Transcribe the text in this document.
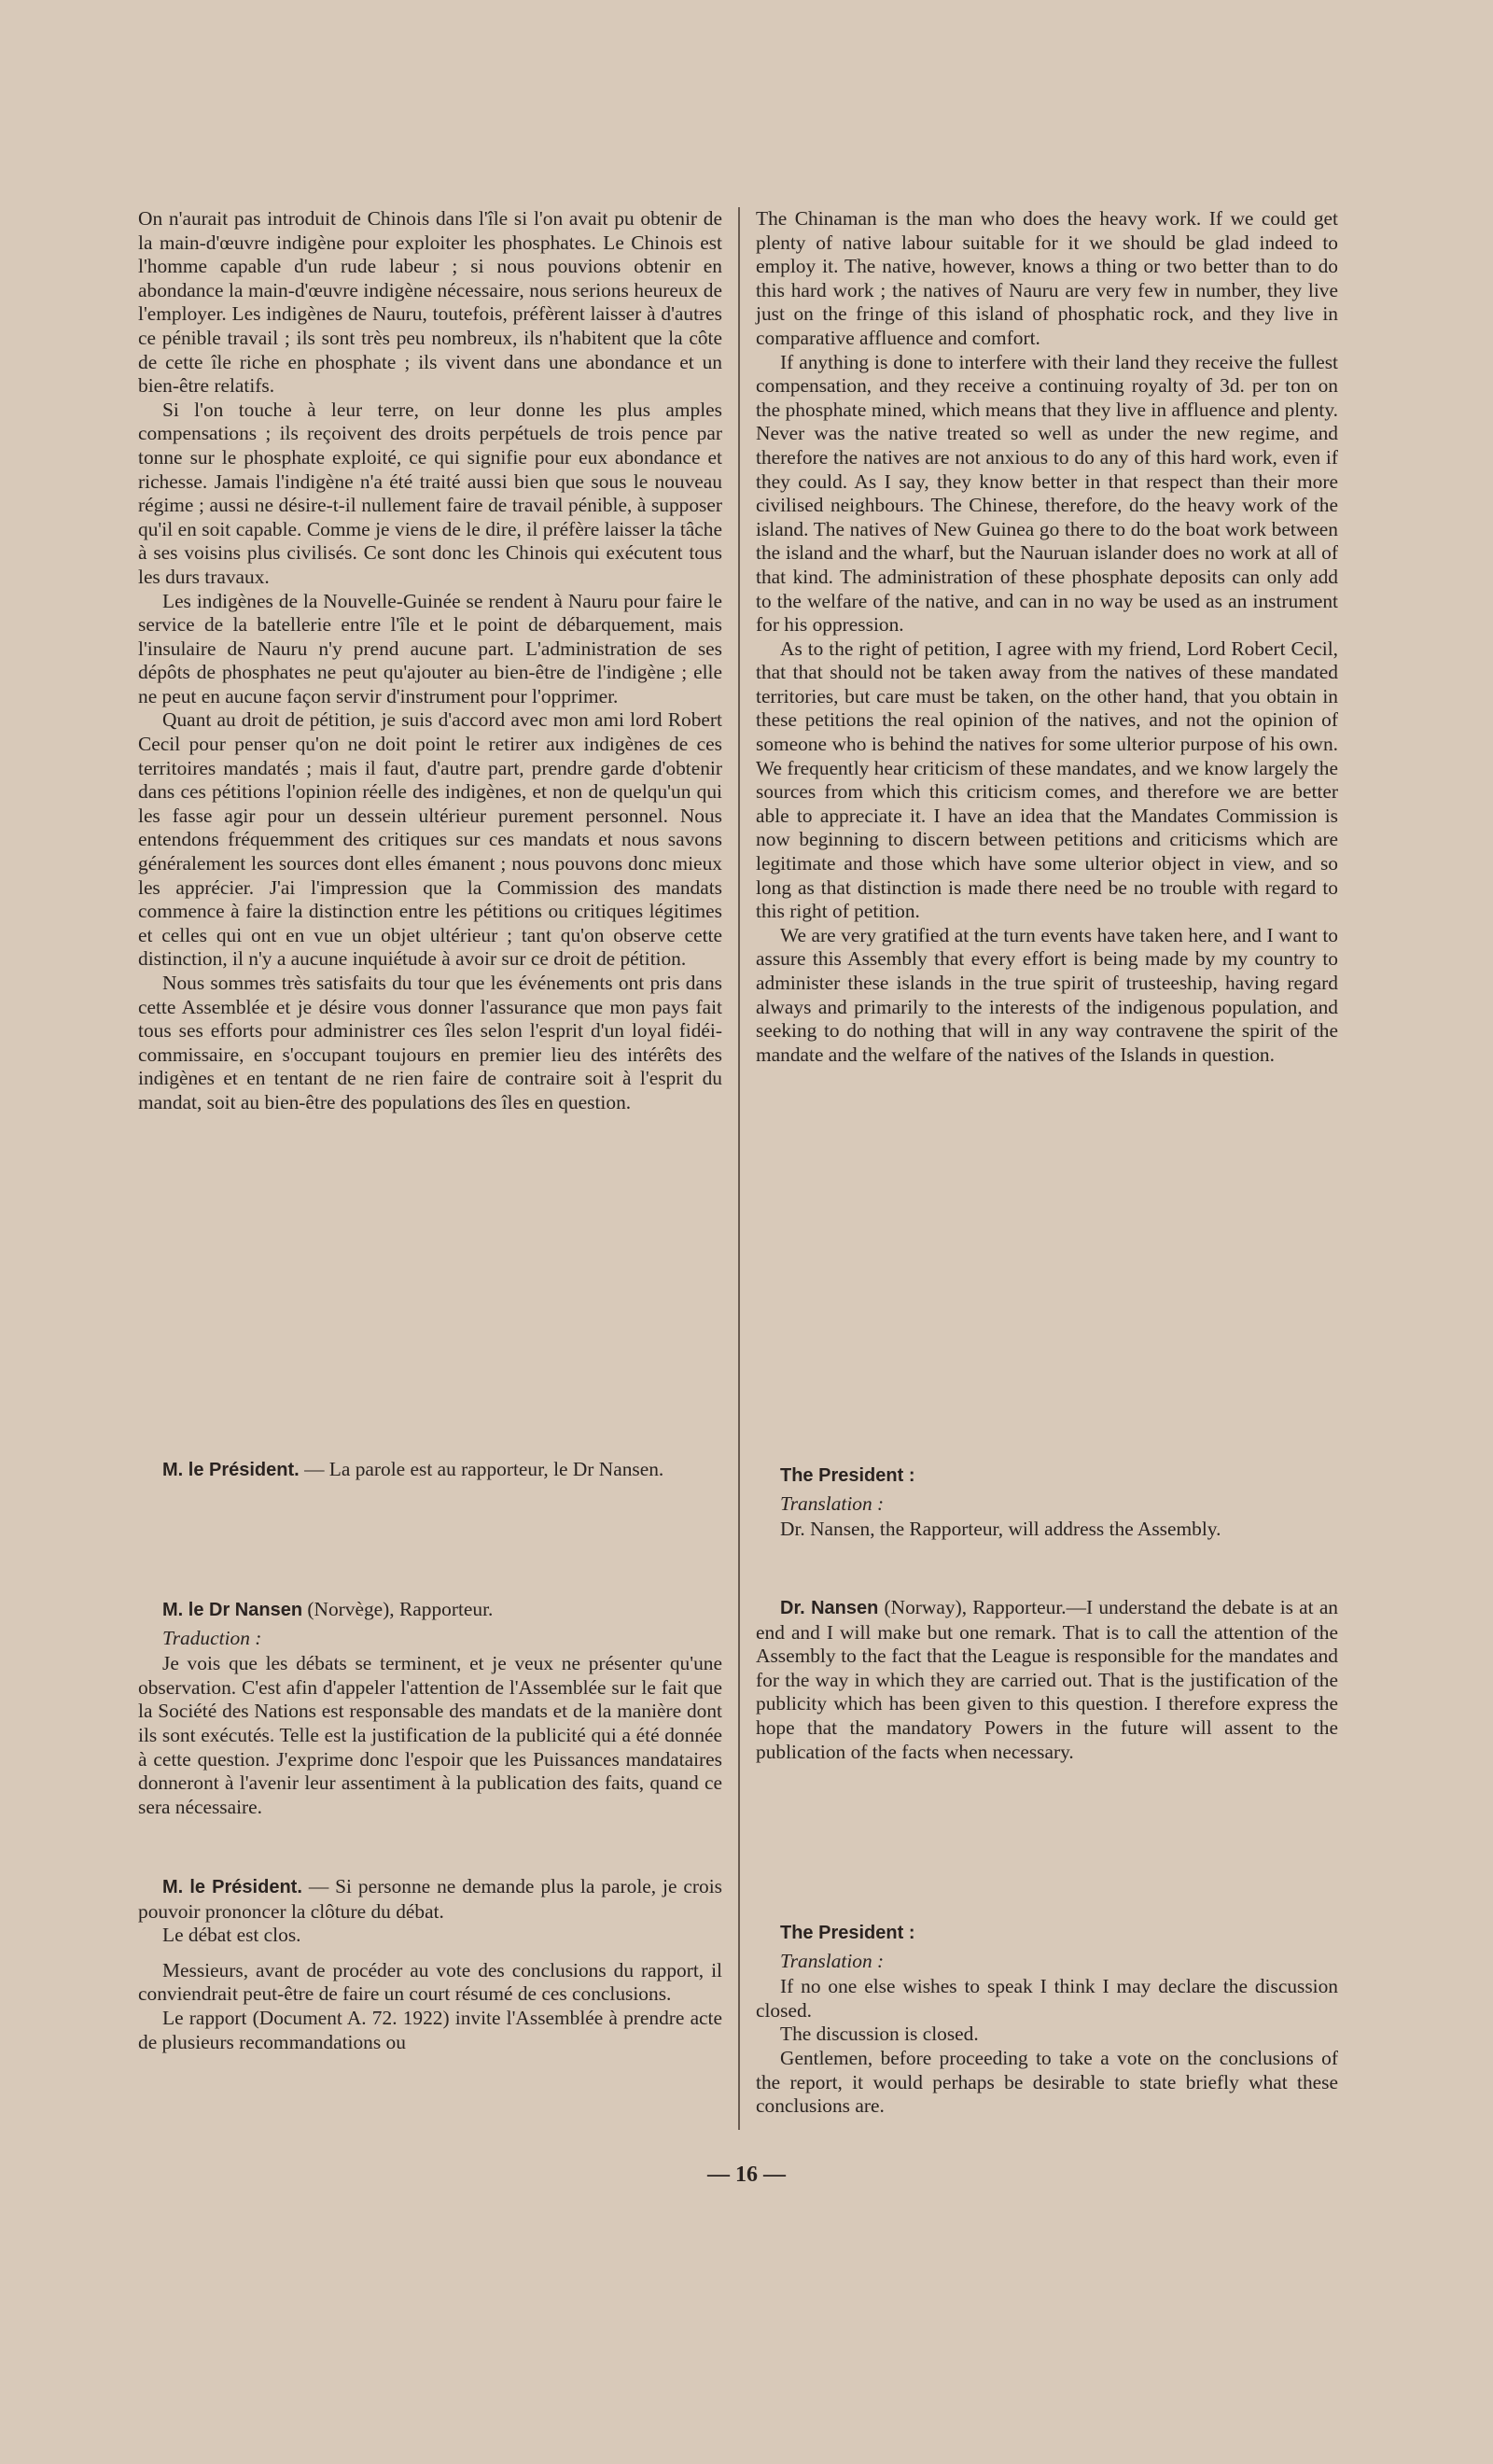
On n'aurait pas introduit de Chinois dans l'île si l'on avait pu obtenir de la main-d'œuvre indigène pour exploiter les phosphates. Le Chinois est l'homme capable d'un rude labeur ; si nous pouvions obtenir en abondance la main-d'œuvre indigène nécessaire, nous serions heureux de l'employer. Les indigènes de Nauru, toutefois, préfèrent laisser à d'autres ce pénible travail ; ils sont très peu nombreux, ils n'habitent que la côte de cette île riche en phosphate ; ils vivent dans une abondance et un bien-être relatifs.

Si l'on touche à leur terre, on leur donne les plus amples compensations ; ils reçoivent des droits perpétuels de trois pence par tonne sur le phosphate exploité, ce qui signifie pour eux abondance et richesse. Jamais l'indigène n'a été traité aussi bien que sous le nouveau régime ; aussi ne désire-t-il nullement faire de travail pénible, à supposer qu'il en soit capable. Comme je viens de le dire, il préfère laisser la tâche à ses voisins plus civilisés. Ce sont donc les Chinois qui exécutent tous les durs travaux.

Les indigènes de la Nouvelle-Guinée se rendent à Nauru pour faire le service de la batellerie entre l'île et le point de débarquement, mais l'insulaire de Nauru n'y prend aucune part. L'administration de ses dépôts de phosphates ne peut qu'ajouter au bien-être de l'indigène ; elle ne peut en aucune façon servir d'instrument pour l'opprimer.

Quant au droit de pétition, je suis d'accord avec mon ami lord Robert Cecil pour penser qu'on ne doit point le retirer aux indigènes de ces territoires mandatés ; mais il faut, d'autre part, prendre garde d'obtenir dans ces pétitions l'opinion réelle des indigènes, et non de quelqu'un qui les fasse agir pour un dessein ultérieur purement personnel. Nous entendons fréquemment des critiques sur ces mandats et nous savons généralement les sources dont elles émanent ; nous pouvons donc mieux les apprécier. J'ai l'impression que la Commission des mandats commence à faire la distinction entre les pétitions ou critiques légitimes et celles qui ont en vue un objet ultérieur ; tant qu'on observe cette distinction, il n'y a aucune inquiétude à avoir sur ce droit de pétition.

Nous sommes très satisfaits du tour que les événements ont pris dans cette Assemblée et je désire vous donner l'assurance que mon pays fait tous ses efforts pour administrer ces îles selon l'esprit d'un loyal fidéi-commissaire, en s'occupant toujours en premier lieu des intérêts des indigènes et en tentant de ne rien faire de contraire soit à l'esprit du mandat, soit au bien-être des populations des îles en question.

M. le Président. — La parole est au rapporteur, le Dr Nansen.

M. le Dr Nansen (Norvège), Rapporteur.

Traduction :

Je vois que les débats se terminent, et je veux ne présenter qu'une observation. C'est afin d'appeler l'attention de l'Assemblée sur le fait que la Société des Nations est responsable des mandats et de la manière dont ils sont exécutés. Telle est la justification de la publicité qui a été donnée à cette question. J'exprime donc l'espoir que les Puissances mandataires donneront à l'avenir leur assentiment à la publication des faits, quand ce sera nécessaire.

M. le Président. — Si personne ne demande plus la parole, je crois pouvoir prononcer la clôture du débat.

Le débat est clos.

Messieurs, avant de procéder au vote des conclusions du rapport, il conviendrait peut-être de faire un court résumé de ces conclusions.

Le rapport (Document A. 72. 1922) invite l'Assemblée à prendre acte de plusieurs recommandations ou

The Chinaman is the man who does the heavy work. If we could get plenty of native labour suitable for it we should be glad indeed to employ it. The native, however, knows a thing or two better than to do this hard work ; the natives of Nauru are very few in number, they live just on the fringe of this island of phosphatic rock, and they live in comparative affluence and comfort.

If anything is done to interfere with their land they receive the fullest compensation, and they receive a continuing royalty of 3d. per ton on the phosphate mined, which means that they live in affluence and plenty. Never was the native treated so well as under the new regime, and therefore the natives are not anxious to do any of this hard work, even if they could. As I say, they know better in that respect than their more civilised neighbours. The Chinese, therefore, do the heavy work of the island. The natives of New Guinea go there to do the boat work between the island and the wharf, but the Nauruan islander does no work at all of that kind. The administration of these phosphate deposits can only add to the welfare of the native, and can in no way be used as an instrument for his oppression.

As to the right of petition, I agree with my friend, Lord Robert Cecil, that that should not be taken away from the natives of these mandated territories, but care must be taken, on the other hand, that you obtain in these petitions the real opinion of the natives, and not the opinion of someone who is behind the natives for some ulterior purpose of his own. We frequently hear criticism of these mandates, and we know largely the sources from which this criticism comes, and therefore we are better able to appreciate it. I have an idea that the Mandates Commission is now beginning to discern between petitions and criticisms which are legitimate and those which have some ulterior object in view, and so long as that distinction is made there need be no trouble with regard to this right of petition.

We are very gratified at the turn events have taken here, and I want to assure this Assembly that every effort is being made by my country to administer these islands in the true spirit of trusteeship, having regard always and primarily to the interests of the indigenous population, and seeking to do nothing that will in any way contravene the spirit of the mandate and the welfare of the natives of the Islands in question.

The President :

Translation :

Dr. Nansen, the Rapporteur, will address the Assembly.

Dr. Nansen (Norway), Rapporteur.—I understand the debate is at an end and I will make but one remark. That is to call the attention of the Assembly to the fact that the League is responsible for the mandates and for the way in which they are carried out. That is the justification of the publicity which has been given to this question. I therefore express the hope that the mandatory Powers in the future will assent to the publication of the facts when necessary.

The President :

Translation :

If no one else wishes to speak I think I may declare the discussion closed.

The discussion is closed.

Gentlemen, before proceeding to take a vote on the conclusions of the report, it would perhaps be desirable to state briefly what these conclusions are.

— 16 —
